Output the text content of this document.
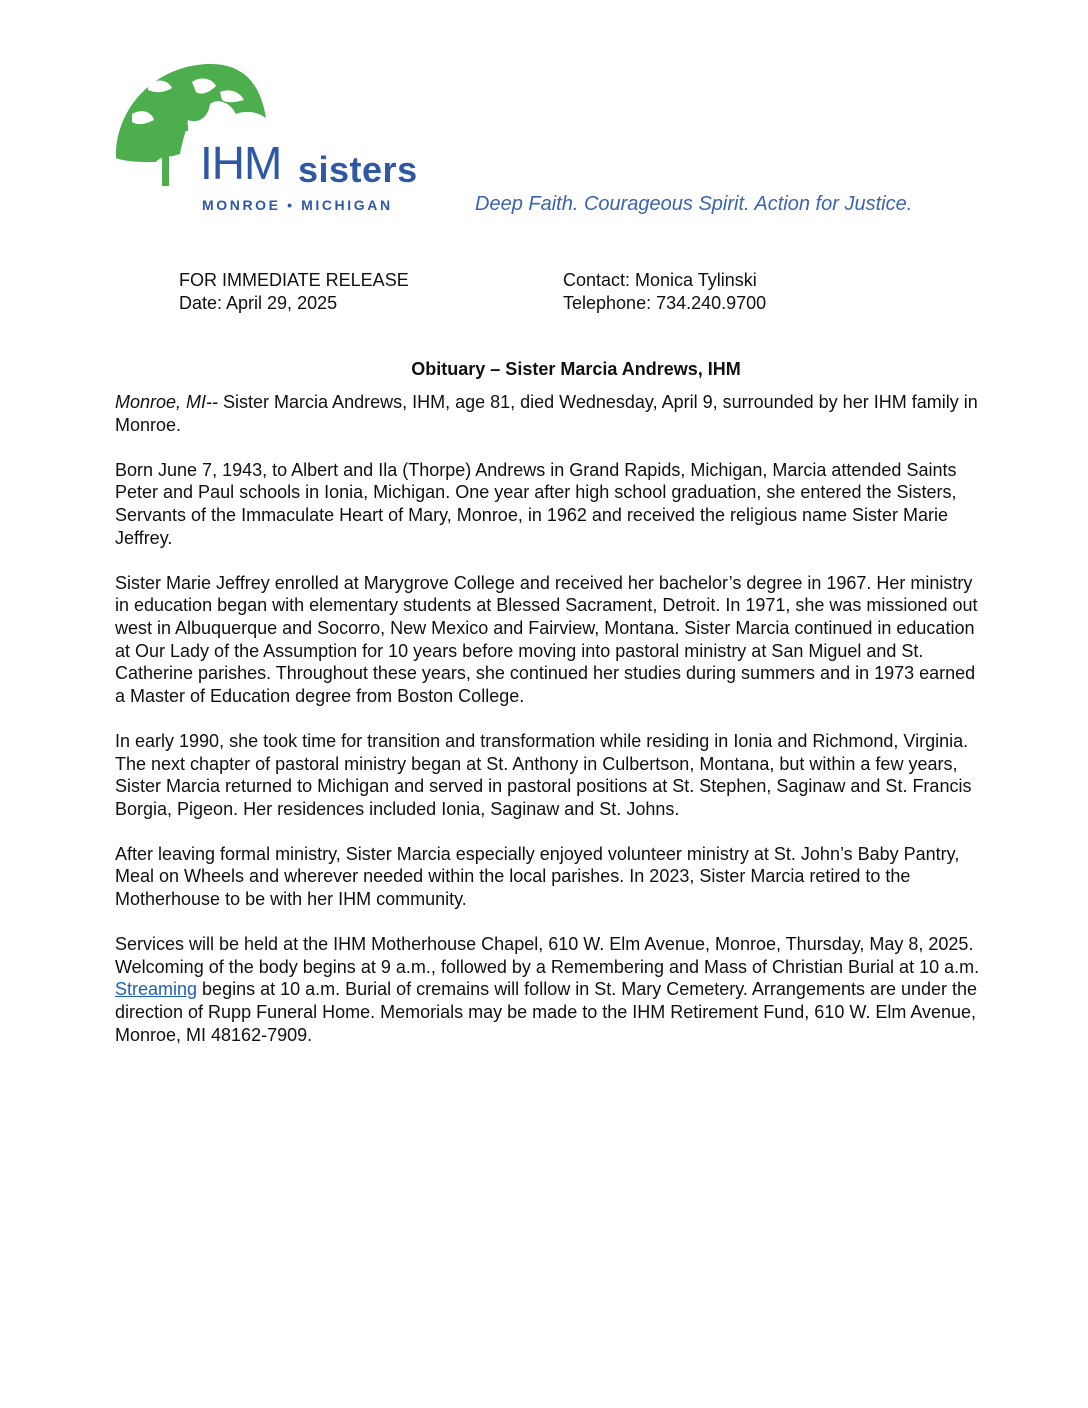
IHM sisters
MONROE • MICHIGAN	Deep Faith. Courageous Spirit. Action for Justice.
FOR IMMEDIATE RELEASE
Date: April 29, 2025
Contact: Monica Tylinski
Telephone: 734.240.9700
Obituary – Sister Marcia Andrews, IHM

Monroe, MI-- Sister Marcia Andrews, IHM, age 81, died Wednesday, April 9, surrounded by her IHM family in Monroe.

Born June 7, 1943, to Albert and Ila (Thorpe) Andrews in Grand Rapids, Michigan, Marcia attended Saints Peter and Paul schools in Ionia, Michigan. One year after high school graduation, she entered the Sisters, Servants of the Immaculate Heart of Mary, Monroe, in 1962 and received the religious name Sister Marie Jeffrey.

Sister Marie Jeffrey enrolled at Marygrove College and received her bachelor’s degree in 1967. Her ministry in education began with elementary students at Blessed Sacrament, Detroit. In 1971, she was missioned out west in Albuquerque and Socorro, New Mexico and Fairview, Montana. Sister Marcia continued in education at Our Lady of the Assumption for 10 years before moving into pastoral ministry at San Miguel and St. Catherine parishes. Throughout these years, she continued her studies during summers and in 1973 earned a Master of Education degree from Boston College.

In early 1990, she took time for transition and transformation while residing in Ionia and Richmond, Virginia. The next chapter of pastoral ministry began at St. Anthony in Culbertson, Montana, but within a few years, Sister Marcia returned to Michigan and served in pastoral positions at St. Stephen, Saginaw and St. Francis Borgia, Pigeon. Her residences included Ionia, Saginaw and St. Johns.

After leaving formal ministry, Sister Marcia especially enjoyed volunteer ministry at St. John’s Baby Pantry, Meal on Wheels and wherever needed within the local parishes. In 2023, Sister Marcia retired to the Motherhouse to be with her IHM community.

Services will be held at the IHM Motherhouse Chapel, 610 W. Elm Avenue, Monroe, Thursday, May 8, 2025. Welcoming of the body begins at 9 a.m., followed by a Remembering and Mass of Christian Burial at 10 a.m. Streaming begins at 10 a.m. Burial of cremains will follow in St. Mary Cemetery. Arrangements are under the direction of Rupp Funeral Home. Memorials may be made to the IHM Retirement Fund, 610 W. Elm Avenue, Monroe, MI 48162-7909.
